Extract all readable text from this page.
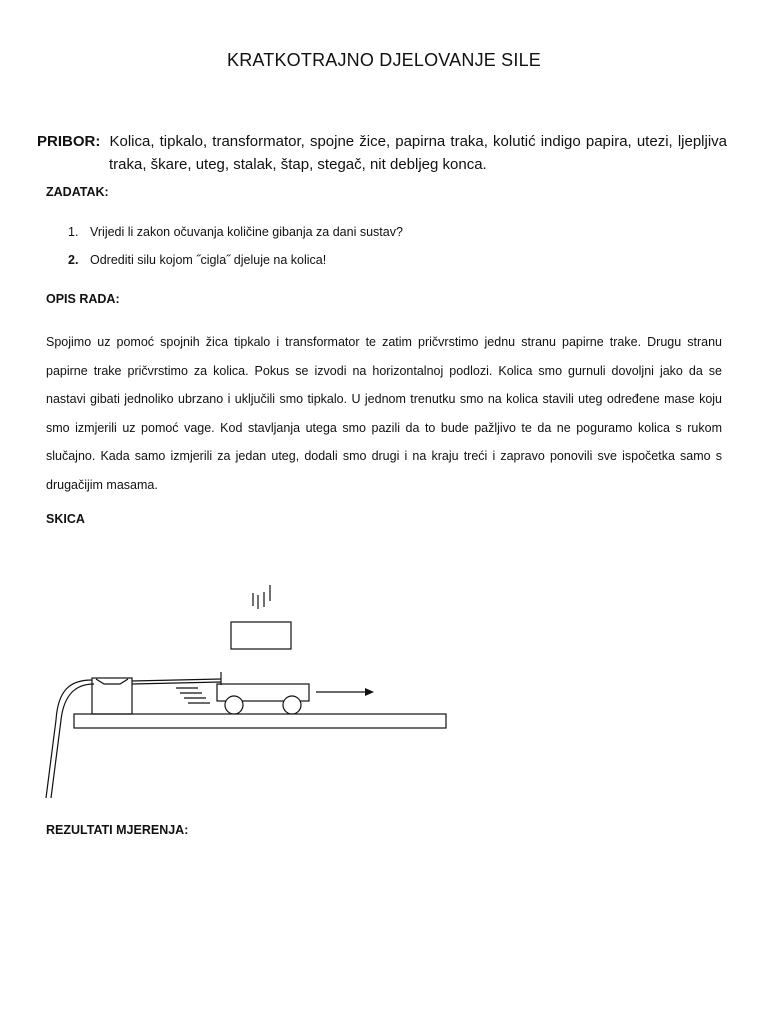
KRATKOTRAJNO DJELOVANJE SILE
PRIBOR: Kolica, tipkalo, transformator, spojne žice, papirna traka, kolutić indigo papira, utezi, ljepljiva traka, škare, uteg, stalak, štap, stegač, nit debljeg konca.
ZADATAK:
1. Vrijedi li zakon očuvanja količine gibanja za dani sustav?
2. Odrediti silu kojom ˝cigla˝ djeluje na kolica!
OPIS RADA:

Spojimo uz pomoć spojnih žica tipkalo i transformator te zatim pričvrstimo jednu stranu papirne trake. Drugu stranu papirne trake pričvrstimo za kolica. Pokus se izvodi na horizontalnoj podlozi. Kolica smo gurnuli dovoljni jako da se nastavi gibati jednoliko ubrzano i uključili smo tipkalo. U jednom trenutku smo na kolica stavili uteg određene mase koju smo izmjerili uz pomoć vage. Kod stavljanja utega smo pazili da to bude pažljivo te da ne poguramo kolica s rukom slučajno. Kada samo izmjerili za jedan uteg, dodali smo drugi i na kraju treći i zapravo ponovili sve ispočetka samo s drugačijim masama.

SKICA
REZULTATI MJERENJA:
